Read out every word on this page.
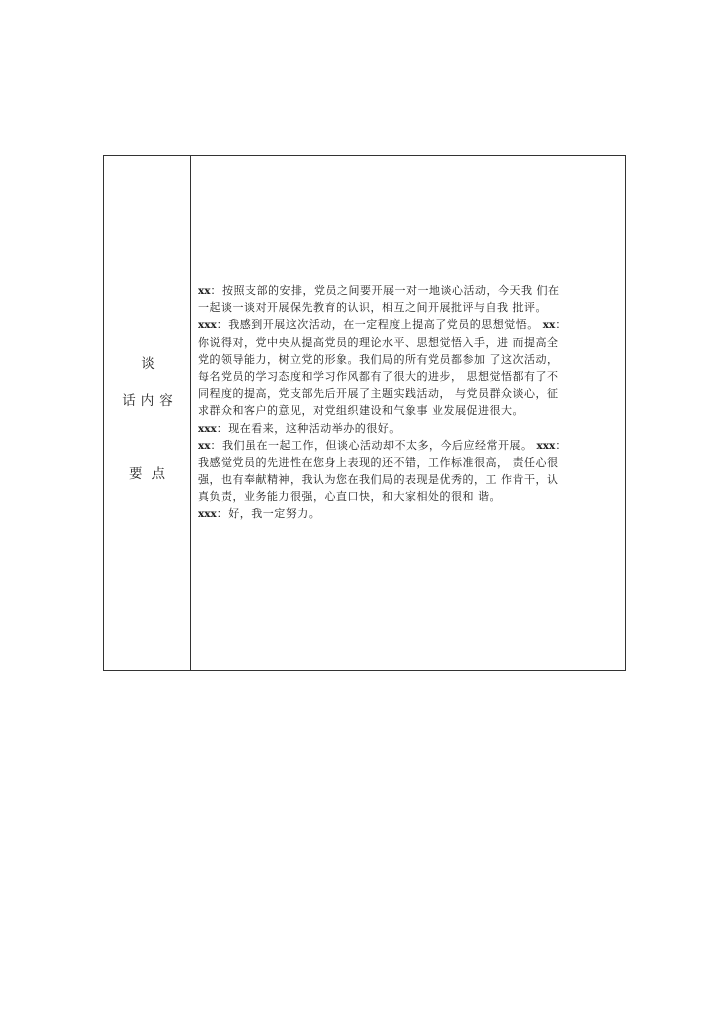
谈
话内容
要点
xx：按照支部的安排，党员之间要开展一对一地谈心活动，今天我 们在
一起谈一谈对开展保先教育的认识，相互之间开展批评与自我 批评。
xxx：我感到开展这次活动，在一定程度上提高了党员的思想觉悟。 xx：
你说得对，党中央从提高党员的理论水平、思想觉悟入手，进 而提高全
党的领导能力，树立党的形象。我们局的所有党员都参加 了这次活动，
每名党员的学习态度和学习作风都有了很大的进步， 思想觉悟都有了不
同程度的提高，党支部先后开展了主题实践活动， 与党员群众谈心，征
求群众和客户的意见，对党组织建设和气象事 业发展促进很大。
xxx：现在看来，这种活动举办的很好。
xx：我们虽在一起工作，但谈心活动却不太多，今后应经常开展。 xxx：
我感觉党员的先进性在您身上表现的还不错，工作标准很高， 责任心很
强，也有奉献精神，我认为您在我们局的表现是优秀的，工 作肯干，认
真负责，业务能力很强，心直口快，和大家相处的很和 谐。
xxx：好，我一定努力。
